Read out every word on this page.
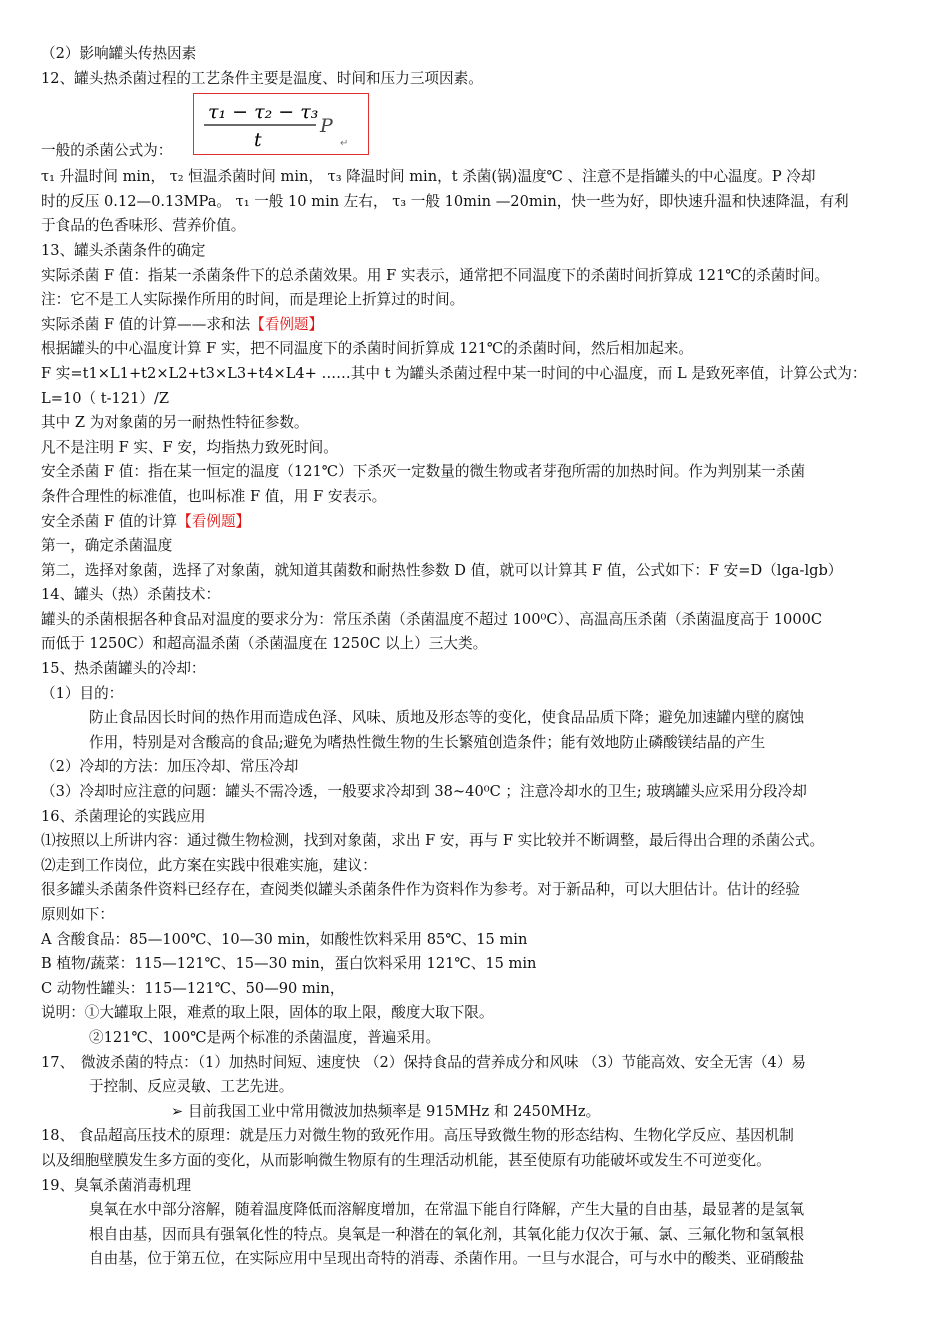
（2）影响罐头传热因素
12、罐头热杀菌过程的工艺条件主要是温度、时间和压力三项因素。
一般的杀菌公式为：
τ₁ − τ₂ − τ₃
t
P
↵
τ₁ 升温时间 min， τ₂ 恒温杀菌时间 min， τ₃ 降温时间 min，t 杀菌(锅)温度℃ 、注意不是指罐头的中心温度。P 冷却
时的反压 0.12—0.13MPa。 τ₁ 一般 10 min 左右， τ₃ 一般 10min —20min，快一些为好，即快速升温和快速降温，有利
于食品的色香味形、营养价值。
13、罐头杀菌条件的确定
实际杀菌 F 值：指某一杀菌条件下的总杀菌效果。用 F 实表示，通常把不同温度下的杀菌时间折算成 121℃的杀菌时间。
注：它不是工人实际操作所用的时间，而是理论上折算过的时间。
实际杀菌 F 值的计算——求和法【看例题】
根据罐头的中心温度计算 F 实，把不同温度下的杀菌时间折算成 121℃的杀菌时间，然后相加起来。
F 实=t1×L1+t2×L2+t3×L3+t4×L4+ ……其中 t 为罐头杀菌过程中某一时间的中心温度，而 L 是致死率值，计算公式为：
L=10（ t-121）/Z
其中 Z 为对象菌的另一耐热性特征参数。
凡不是注明 F 实、F 安，均指热力致死时间。
安全杀菌 F 值：指在某一恒定的温度（121℃）下杀灭一定数量的微生物或者芽孢所需的加热时间。作为判别某一杀菌
条件合理性的标准值，也叫标准 F 值，用 F 安表示。
安全杀菌 F 值的计算【看例题】
第一，确定杀菌温度
第二，选择对象菌，选择了对象菌，就知道其菌数和耐热性参数 D 值，就可以计算其 F 值，公式如下：F 安=D（lga-lgb）
14、罐头（热）杀菌技术：
罐头的杀菌根据各种食品对温度的要求分为：常压杀菌（杀菌温度不超过 100⁰C）、高温高压杀菌（杀菌温度高于 1000C
而低于 1250C）和超高温杀菌（杀菌温度在 1250C 以上）三大类。
15、热杀菌罐头的冷却：
（1）目的：
防止食品因长时间的热作用而造成色泽、风味、质地及形态等的变化，使食品品质下降；避免加速罐内壁的腐蚀
作用，特别是对含酸高的食品;避免为嗜热性微生物的生长繁殖创造条件；能有效地防止磷酸镁结晶的产生
（2）冷却的方法：加压冷却、常压冷却
（3）冷却时应注意的问题：罐头不需冷透，一般要求冷却到 38~40⁰C ；注意冷却水的卫生; 玻璃罐头应采用分段冷却
16、杀菌理论的实践应用
⑴按照以上所讲内容：通过微生物检测，找到对象菌，求出 F 安，再与 F 实比较并不断调整，最后得出合理的杀菌公式。
⑵走到工作岗位，此方案在实践中很难实施，建议：
很多罐头杀菌条件资料已经存在，查阅类似罐头杀菌条件作为资料作为参考。对于新品种，可以大胆估计。估计的经验
原则如下：
A 含酸食品：85—100℃、10—30 min，如酸性饮料采用 85℃、15 min
B 植物/蔬菜：115—121℃、15—30 min，蛋白饮料采用 121℃、15 min
C 动物性罐头：115—121℃、50—90 min，
说明：①大罐取上限，难煮的取上限，固体的取上限，酸度大取下限。
②121℃、100℃是两个标准的杀菌温度，普遍采用。
17、 微波杀菌的特点：（1）加热时间短、速度快 （2）保持食品的营养成分和风味 （3）节能高效、安全无害（4）易
于控制、反应灵敏、工艺先进。
➢ 目前我国工业中常用微波加热频率是 915MHz 和 2450MHz。
18、 食品超高压技术的原理：就是压力对微生物的致死作用。高压导致微生物的形态结构、生物化学反应、基因机制
以及细胞壁膜发生多方面的变化，从而影响微生物原有的生理活动机能，甚至使原有功能破坏或发生不可逆变化。
19、臭氧杀菌消毒机理
臭氧在水中部分溶解，随着温度降低而溶解度增加，在常温下能自行降解，产生大量的自由基，最显著的是氢氧
根自由基，因而具有强氧化性的特点。臭氧是一种潜在的氧化剂，其氧化能力仅次于氟、氯、三氟化物和氢氧根
自由基，位于第五位，在实际应用中呈现出奇特的消毒、杀菌作用。一旦与水混合，可与水中的酸类、亚硝酸盐
